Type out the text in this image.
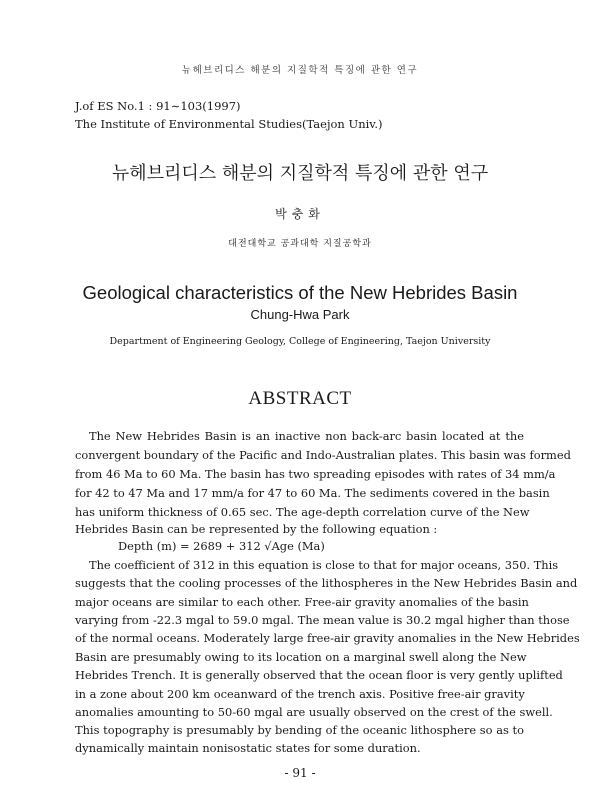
뉴헤브리디스 해분의 지질학적 특징에 관한 연구
J.of ES No.1 : 91∼103(1997)
The Institute of Environmental Studies(Taejon Univ.)
뉴헤브리디스 해분의 지질학적 특징에 관한 연구
박충화
대전대학교 공과대학 지질공학과
Geological characteristics of the New Hebrides Basin
Chung-Hwa Park
Department of Engineering Geology, College of Engineering, Taejon University
ABSTRACT
The New Hebrides Basin is an inactive non back-arc basin located at the
convergent boundary of the Pacific and Indo-Australian plates. This basin was formed
from 46 Ma to 60 Ma. The basin has two spreading episodes with rates of 34 mm/a
for 42 to 47 Ma and 17 mm/a for 47 to 60 Ma. The sediments covered in the basin
has uniform thickness of 0.65 sec. The age-depth correlation curve of the New
Hebrides Basin can be represented by the following equation :
Depth (m) = 2689 + 312 √Age (Ma)
The coefficient of 312 in this equation is close to that for major oceans, 350. This
suggests that the cooling processes of the lithospheres in the New Hebrides Basin and
major oceans are similar to each other. Free-air gravity anomalies of the basin
varying from -22.3 mgal to 59.0 mgal. The mean value is 30.2 mgal higher than those
of the normal oceans. Moderately large free-air gravity anomalies in the New Hebrides
Basin are presumably owing to its location on a marginal swell along the New
Hebrides Trench. It is generally observed that the ocean floor is very gently uplifted
in a zone about 200 km oceanward of the trench axis. Positive free-air gravity
anomalies amounting to 50-60 mgal are usually observed on the crest of the swell.
This topography is presumably by bending of the oceanic lithosphere so as to
dynamically maintain nonisostatic states for some duration.
- 91 -
